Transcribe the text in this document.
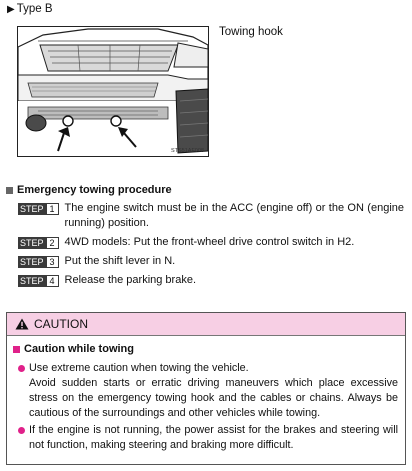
▶ Type B
STS51AF008
Towing hook
Emergency towing procedure
STEP 1 The engine switch must be in the ACC (engine off) or the ON (engine running) position.
STEP 2 4WD models: Put the front-wheel drive control switch in H2.
STEP 3 Put the shift lever in N.
STEP 4 Release the parking brake.
CAUTION
Caution while towing
Use extreme caution when towing the vehicle.
Avoid sudden starts or erratic driving maneuvers which place excessive stress on the emergency towing hook and the cables or chains. Always be cautious of the surroundings and other vehicles while towing.
If the engine is not running, the power assist for the brakes and steering will not function, making steering and braking more difficult.
